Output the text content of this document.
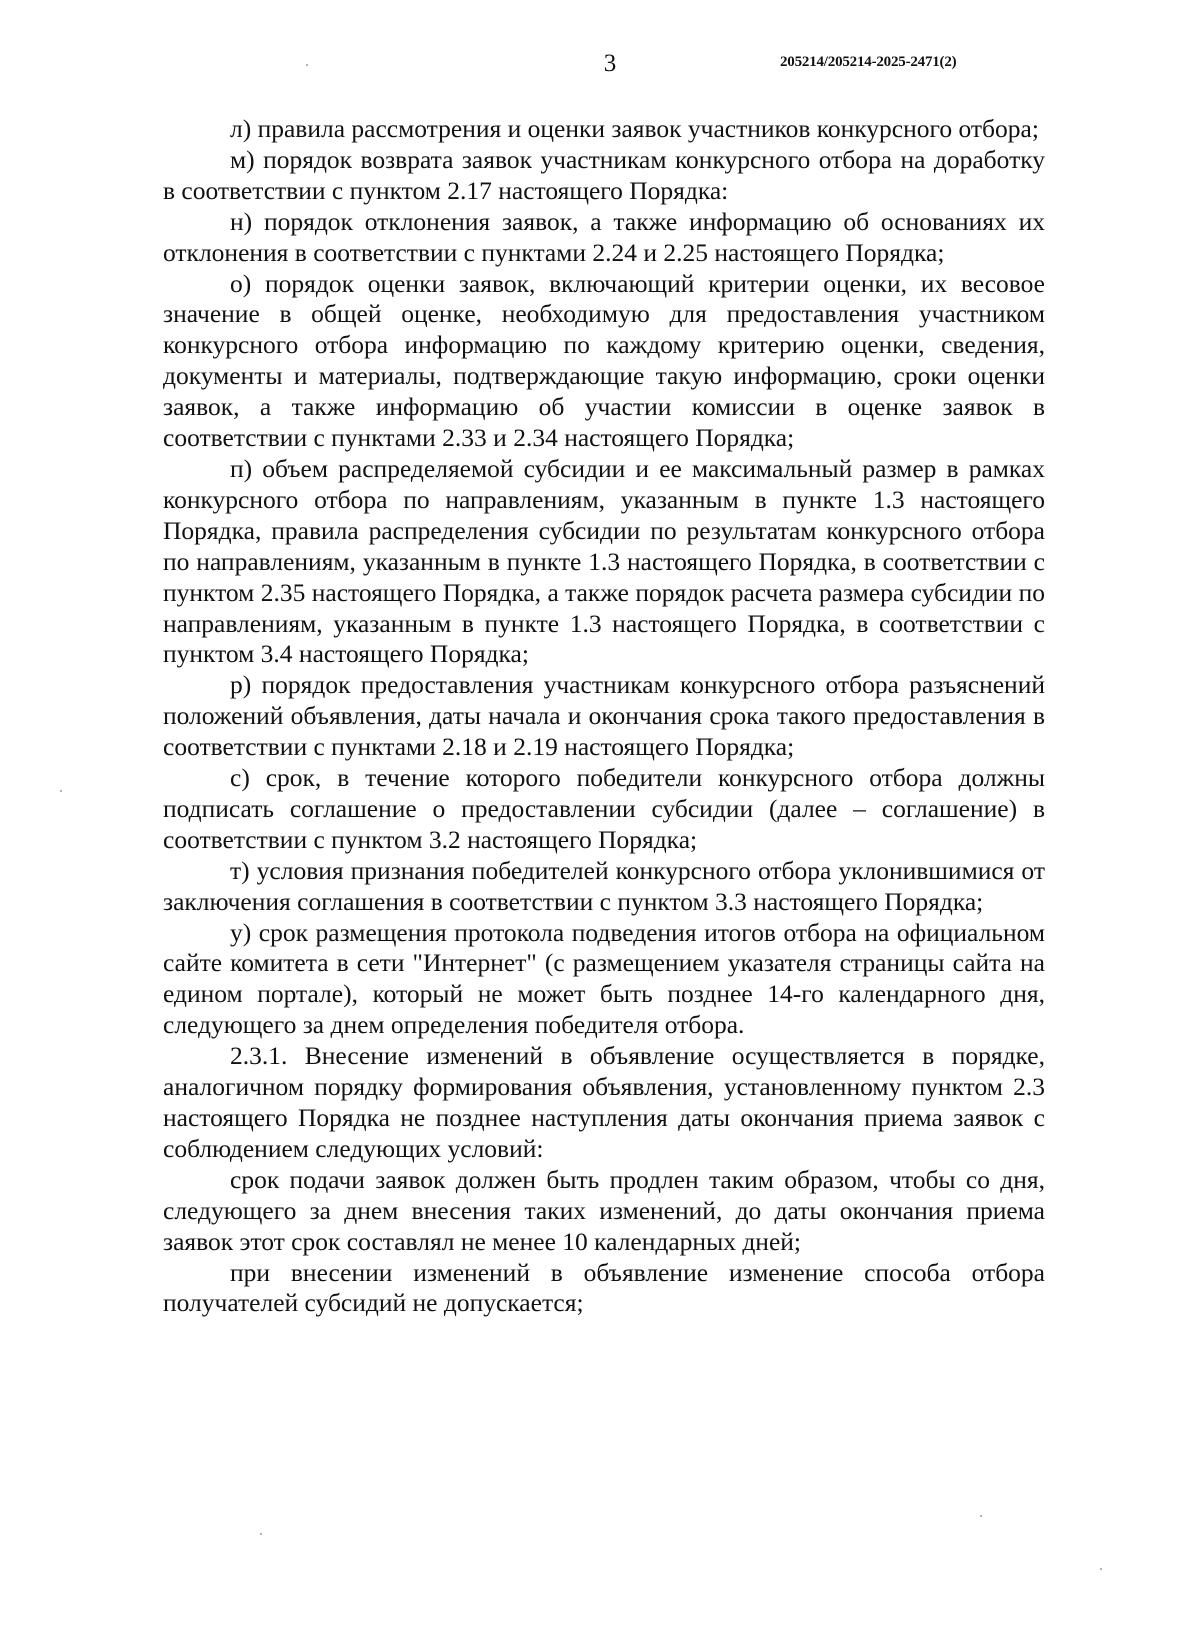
3	205214/205214-2025-2471(2)

л) правила рассмотрения и оценки заявок участников конкурсного отбора;

м) порядок возврата заявок участникам конкурсного отбора на доработку в соответствии с пунктом 2.17 настоящего Порядка:

н) порядок отклонения заявок, а также информацию об основаниях их отклонения в соответствии с пунктами 2.24 и 2.25 настоящего Порядка;

о) порядок оценки заявок, включающий критерии оценки, их весовое значение в общей оценке, необходимую для предоставления участником конкурсного отбора информацию по каждому критерию оценки, сведения, документы и материалы, подтверждающие такую информацию, сроки оценки заявок, а также информацию об участии комиссии в оценке заявок в соответствии с пунктами 2.33 и 2.34 настоящего Порядка;

п) объем распределяемой субсидии и ее максимальный размер в рамках конкурсного отбора по направлениям, указанным в пункте 1.3 настоящего Порядка, правила распределения субсидии по результатам конкурсного отбора по направлениям, указанным в пункте 1.3 настоящего Порядка, в соответствии с пунктом 2.35 настоящего Порядка, а также порядок расчета размера субсидии по направлениям, указанным в пункте 1.3 настоящего Порядка, в соответствии с пунктом 3.4 настоящего Порядка;

р) порядок предоставления участникам конкурсного отбора разъяснений положений объявления, даты начала и окончания срока такого предоставления в соответствии с пунктами 2.18 и 2.19 настоящего Порядка;

с) срок, в течение которого победители конкурсного отбора должны подписать соглашение о предоставлении субсидии (далее – соглашение) в соответствии с пунктом 3.2 настоящего Порядка;

т) условия признания победителей конкурсного отбора уклонившимися от заключения соглашения в соответствии с пунктом 3.3 настоящего Порядка;

у) срок размещения протокола подведения итогов отбора на официальном сайте комитета в сети "Интернет" (с размещением указателя страницы сайта на едином портале), который не может быть позднее 14-го календарного дня, следующего за днем определения победителя отбора.

2.3.1. Внесение изменений в объявление осуществляется в порядке, аналогичном порядку формирования объявления, установленному пунктом 2.3 настоящего Порядка не позднее наступления даты окончания приема заявок с соблюдением следующих условий:

срок подачи заявок должен быть продлен таким образом, чтобы со дня, следующего за днем внесения таких изменений, до даты окончания приема заявок этот срок составлял не менее 10 календарных дней;

при внесении изменений в объявление изменение способа отбора получателей субсидий не допускается;
